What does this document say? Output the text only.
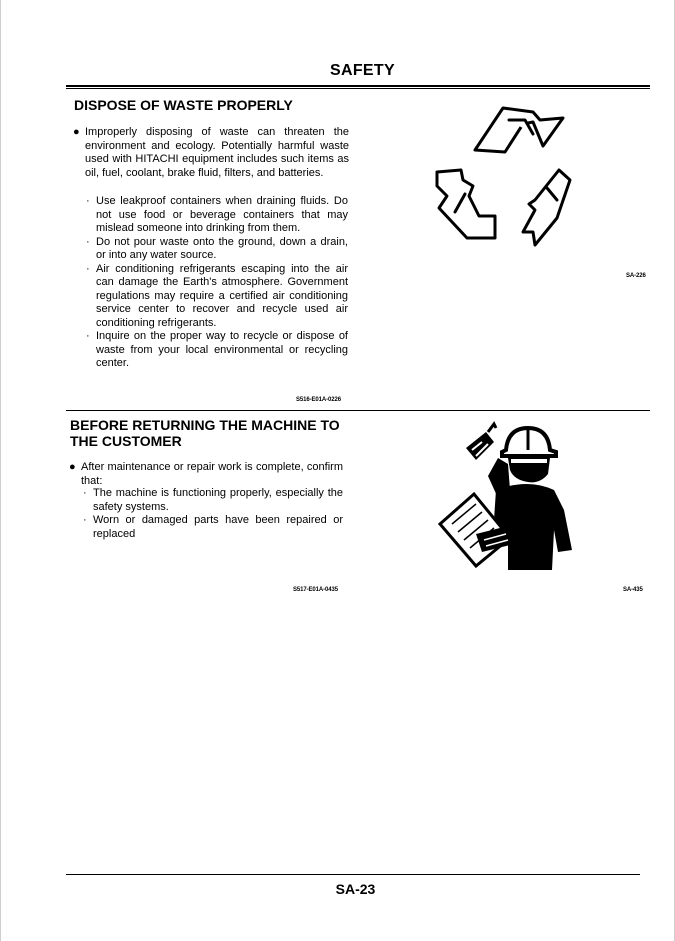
SAFETY
DISPOSE OF WASTE PROPERLY
● Improperly disposing of waste can threaten the environment and ecology. Potentially harmful waste used with HITACHI equipment includes such items as oil, fuel, coolant, brake fluid, filters, and batteries.
· Use leakproof containers when draining fluids. Do not use food or beverage containers that may mislead someone into drinking from them.
· Do not pour waste onto the ground, down a drain, or into any water source.
· Air conditioning refrigerants escaping into the air can damage the Earth's atmosphere. Government regulations may require a certified air conditioning service center to recover and recycle used air conditioning refrigerants.
· Inquire on the proper way to recycle or dispose of waste from your local environmental or recycling center.
SA-226
S516-E01A-0226
BEFORE RETURNING THE MACHINE TO THE CUSTOMER
● After maintenance or repair work is complete, confirm that:
· The machine is functioning properly, especially the safety systems.
· Worn or damaged parts have been repaired or replaced
S517-E01A-0435	SA-435
SA-23
